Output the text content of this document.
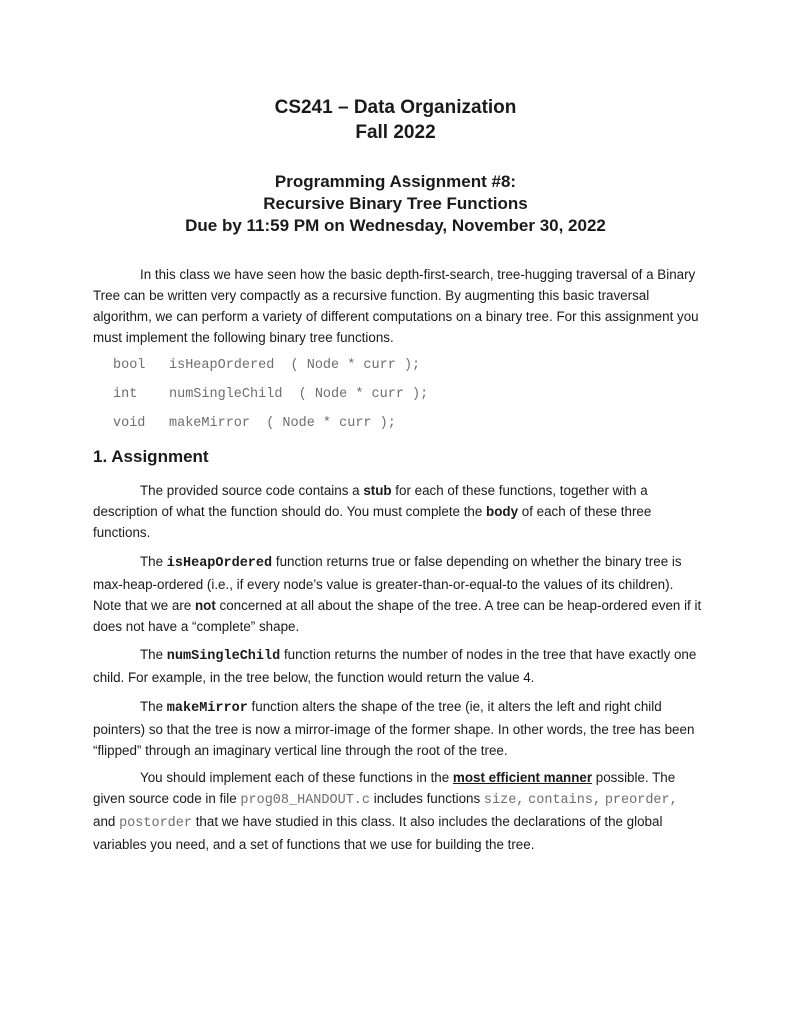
CS241 – Data Organization
Fall 2022
Programming Assignment #8:
Recursive Binary Tree Functions
Due by 11:59 PM on Wednesday, November 30, 2022

In this class we have seen how the basic depth-first-search, tree-hugging traversal of a Binary Tree can be written very compactly as a recursive function. By augmenting this basic traversal algorithm, we can perform a variety of different computations on a binary tree. For this assignment you must implement the following binary tree functions.

bool isHeapOrdered  ( Node * curr );
int numSingleChild  ( Node * curr );
void makeMirror  ( Node * curr );
1. Assignment

The provided source code contains a stub for each of these functions, together with a description of what the function should do. You must complete the body of each of these three functions.

The isHeapOrdered function returns true or false depending on whether the binary tree is max-heap-ordered (i.e., if every node’s value is greater-than-or-equal-to the values of its children). Note that we are not concerned at all about the shape of the tree. A tree can be heap-ordered even if it does not have a “complete” shape.

The numSingleChild function returns the number of nodes in the tree that have exactly one child. For example, in the tree below, the function would return the value 4.

The makeMirror function alters the shape of the tree (ie, it alters the left and right child pointers) so that the tree is now a mirror-image of the former shape. In other words, the tree has been “flipped” through an imaginary vertical line through the root of the tree.

You should implement each of these functions in the most efficient manner possible. The given source code in file prog08_HANDOUT.c includes functions size, contains, preorder, and postorder that we have studied in this class. It also includes the declarations of the global variables you need, and a set of functions that we use for building the tree.
